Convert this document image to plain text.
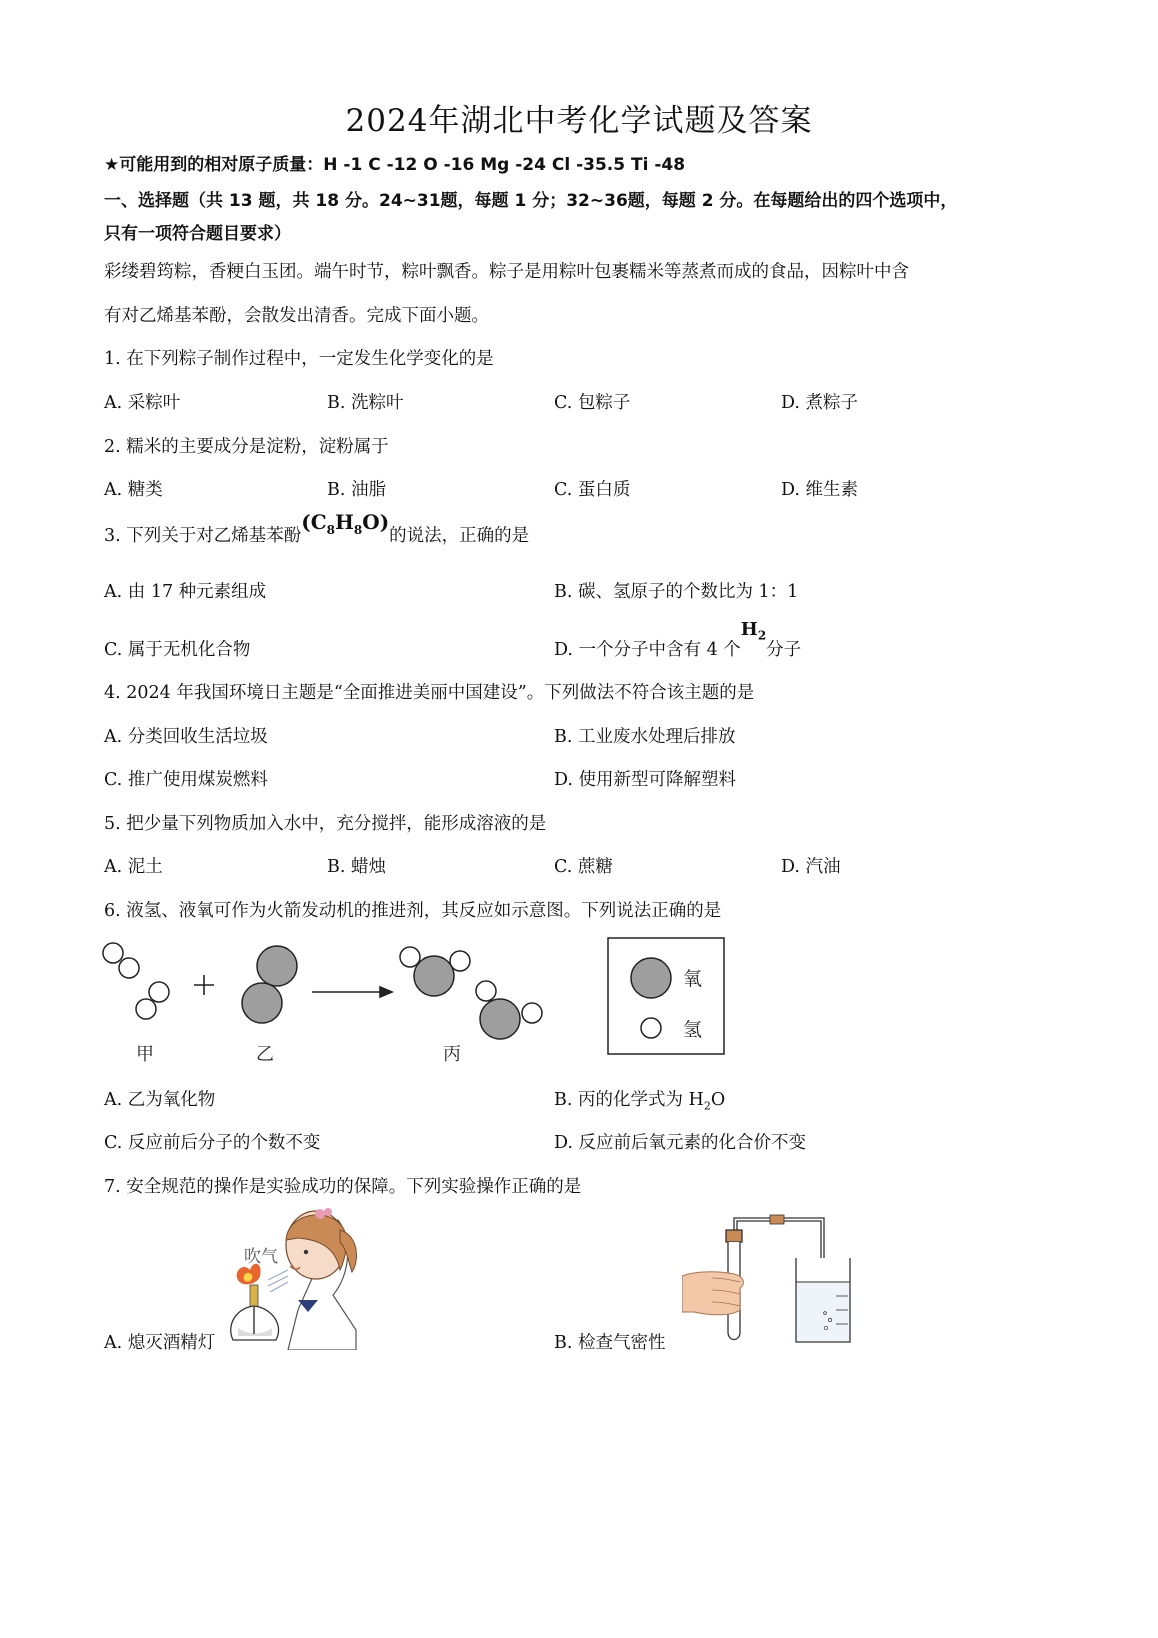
2024年湖北中考化学试题及答案
★可能用到的相对原子质量：H -1 C -12 O -16 Mg -24 Cl -35.5 Ti -48
一、选择题（共 13 题，共 18 分。24~31题，每题 1 分；32~36题，每题 2 分。在每题给出的四个选项中，
只有一项符合题目要求）
彩缕碧筠粽，香粳白玉团。端午时节，粽叶飘香。粽子是用粽叶包裹糯米等蒸煮而成的食品，因粽叶中含
有对乙烯基苯酚，会散发出清香。完成下面小题。
1. 在下列粽子制作过程中，一定发生化学变化的是
A. 采粽叶	B. 洗粽叶	C. 包粽子	D. 煮粽子
2. 糯米的主要成分是淀粉，淀粉属于
A. 糖类	B. 油脂	C. 蛋白质	D. 维生素
3. 下列关于对乙烯基苯酚$(C_8H_8O)$的说法，正确的是
A. 由 17 种元素组成	B. 碳、氢原子的个数比为 1：1
C. 属于无机化合物	D. 一个分子中含有 4 个$H_2$分子
4. 2024 年我国环境日主题是“全面推进美丽中国建设”。下列做法不符合该主题的是
A. 分类回收生活垃圾	B. 工业废水处理后排放
C. 推广使用煤炭燃料	D. 使用新型可降解塑料
5. 把少量下列物质加入水中，充分搅拌，能形成溶液的是
A. 泥土	B. 蜡烛	C. 蔗糖	D. 汽油
6. 液氢、液氧可作为火箭发动机的推进剂，其反应如示意图。下列说法正确的是
甲	乙	丙
氧
氢
A. 乙为氧化物	B. 丙的化学式为 $H_2O$
C. 反应前后分子的个数不变	D. 反应前后氧元素的化合价不变
7. 安全规范的操作是实验成功的保障。下列实验操作正确的是
A. 熄灭酒精灯
吹气
B. 检查气密性
